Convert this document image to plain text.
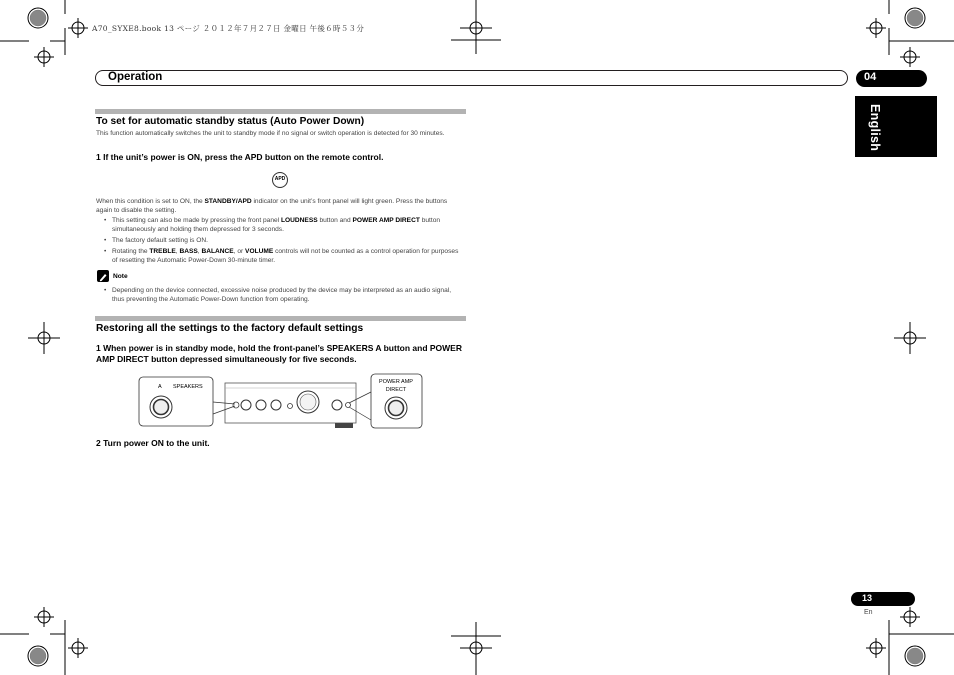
A70_SYXE8.book 13 ページ ２０１２年７月２７日 金曜日 午後６時５３分
Operation	04
English
To set for automatic standby status (Auto Power Down)
This function automatically switches the unit to standby mode if no signal or switch operation is detected for 30 minutes.
1 If the unit’s power is ON, press the APD button on the remote control.
APD
When this condition is set to ON, the STANDBY/APD indicator on the unit’s front panel will light green. Press the buttons again to disable the setting.
• This setting can also be made by pressing the front panel LOUDNESS button and POWER AMP DIRECT button simultaneously and holding them depressed for 3 seconds.
• The factory default setting is ON.
• Rotating the TREBLE, BASS, BALANCE, or VOLUME controls will not be counted as a control operation for purposes of resetting the Automatic Power-Down 30-minute timer.
Note
• Depending on the device connected, excessive noise produced by the device may be interpreted as an audio signal, thus preventing the Automatic Power-Down function from operating.
Restoring all the settings to the factory default settings
1 When power is in standby mode, hold the front-panel’s SPEAKERS A button and POWER AMP DIRECT button depressed simultaneously for five seconds.
A SPEAKERS
POWER AMP
DIRECT
2 Turn power ON to the unit.
13
En
